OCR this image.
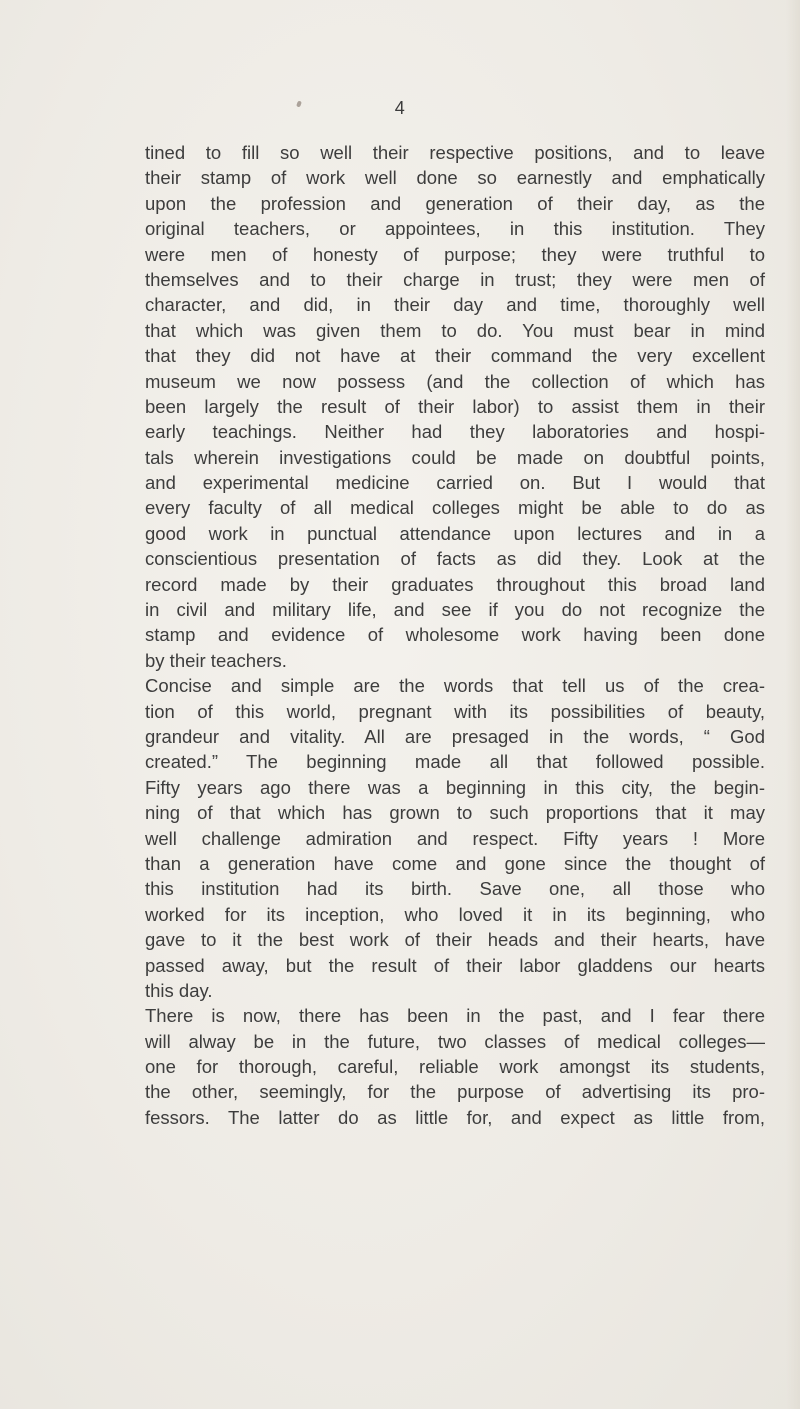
4
tined to fill so well their respective positions, and to leave
their stamp of work well done so earnestly and emphatically
upon the profession and generation of their day, as the
original teachers, or appointees, in this institution. They
were men of honesty of purpose; they were truthful to
themselves and to their charge in trust; they were men of
character, and did, in their day and time, thoroughly well
that which was given them to do. You must bear in mind
that they did not have at their command the very excellent
museum we now possess (and the collection of which has
been largely the result of their labor) to assist them in their
early teachings. Neither had they laboratories and hospi-
tals wherein investigations could be made on doubtful points,
and experimental medicine carried on. But I would that
every faculty of all medical colleges might be able to do as
good work in punctual attendance upon lectures and in a
conscientious presentation of facts as did they. Look at the
record made by their graduates throughout this broad land
in civil and military life, and see if you do not recognize the
stamp and evidence of wholesome work having been done
by their teachers.
Concise and simple are the words that tell us of the crea-
tion of this world, pregnant with its possibilities of beauty,
grandeur and vitality. All are presaged in the words, “ God
created.” The beginning made all that followed possible.
Fifty years ago there was a beginning in this city, the begin-
ning of that which has grown to such proportions that it may
well challenge admiration and respect. Fifty years ! More
than a generation have come and gone since the thought of
this institution had its birth. Save one, all those who
worked for its inception, who loved it in its beginning, who
gave to it the best work of their heads and their hearts, have
passed away, but the result of their labor gladdens our hearts
this day.
There is now, there has been in the past, and I fear there
will alway be in the future, two classes of medical colleges—
one for thorough, careful, reliable work amongst its students,
the other, seemingly, for the purpose of advertising its pro-
fessors. The latter do as little for, and expect as little from,
